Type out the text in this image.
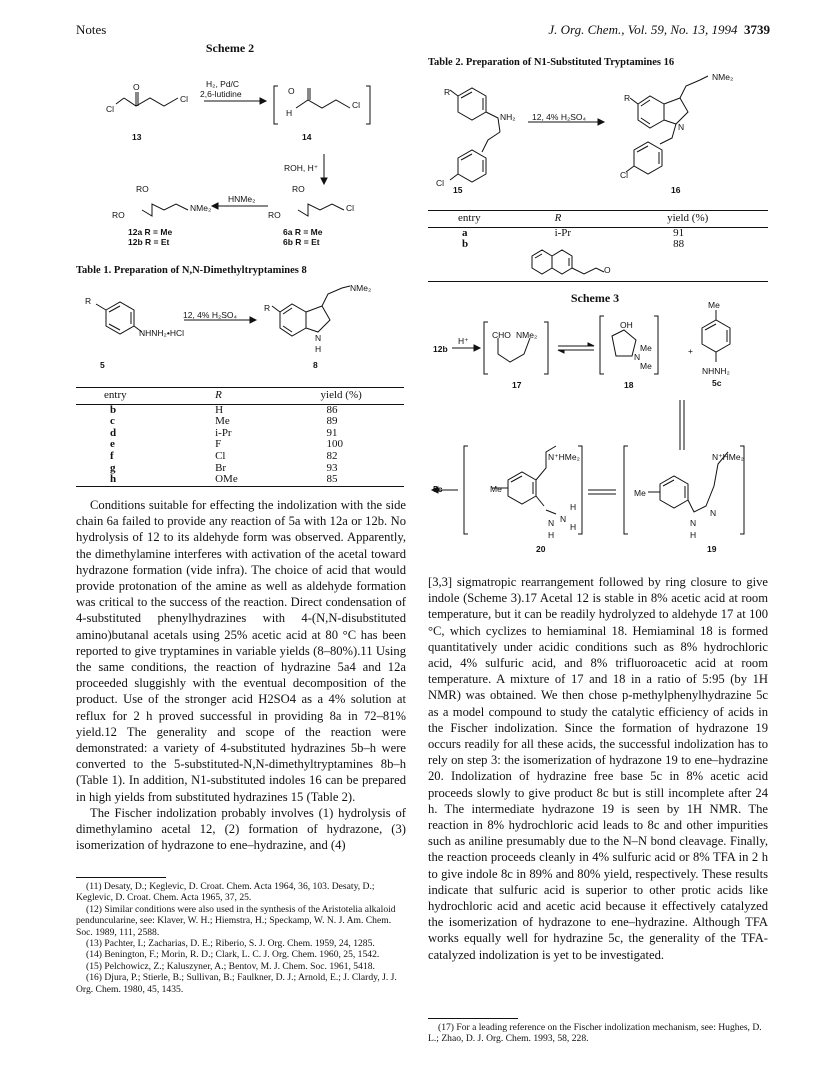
Notes	J. Org. Chem., Vol. 59, No. 13, 1994 3739
Scheme 2
H₂, Pd/C
2,6-lutidine
Cl
Cl
O	O
H
Cl
13	14
ROH, H⁺
HNMe₂
RO
RO
NMe₂
RO
RO
Cl
12a R = Me
12b R = Et
6a R = Me
6b R = Et
Table 1. Preparation of N,N-Dimethyltryptamines 8
R
NHNH₂•HCl
12, 4% H₂SO₄
R
NMe₂
N
H
5	8
entry	R	yield (%)
b	H	86
c	Me	89
d	i-Pr	91
e	F	100
f	Cl	82
g	Br	93
h	OMe	85

Conditions suitable for effecting the indolization with the side chain 6a failed to provide any reaction of 5a with 12a or 12b. No hydrolysis of 12 to its aldehyde form was observed. Apparently, the dimethylamine interferes with activation of the acetal toward hydrazone formation (vide infra). The choice of acid that would provide protonation of the amine as well as aldehyde formation was critical to the success of the reaction. Direct condensation of 4-substituted phenylhydrazines with 4-(N,N-disubstituted amino)butanal acetals using 25% acetic acid at 80 °C has been reported to give tryptamines in variable yields (8–80%).11 Using the same conditions, the reaction of hydrazine 5a4 and 12a proceeded sluggishly with the eventual decomposition of the product. Use of the stronger acid H2SO4 as a 4% solution at reflux for 2 h proved successful in providing 8a in 72–81% yield.12 The generality and scope of the reaction were demonstrated: a variety of 4-substituted hydrazines 5b–h were converted to the 5-substituted-N,N-dimethyltryptamines 8b–h (Table 1). In addition, N1-substituted indoles 16 can be prepared in high yields from substituted hydrazines 15 (Table 2).

The Fischer indolization probably involves (1) hydrolysis of dimethylamino acetal 12, (2) formation of hydrazone, (3) isomerization of hydrazone to ene–hydrazine, and (4)

(11) Desaty, D.; Keglevic, D. Croat. Chem. Acta 1964, 36, 103. Desaty, D.; Keglevic, D. Croat. Chem. Acta 1965, 37, 25.

(12) Similar conditions were also used in the synthesis of the Aristotelia alkaloid penduncularine, see: Klaver, W. H.; Hiemstra, H.; Speckamp, W. N. J. Am. Chem. Soc. 1989, 111, 2588.

(13) Pachter, I.; Zacharias, D. E.; Riberio, S. J. Org. Chem. 1959, 24, 1285.

(14) Benington, F.; Morin, R. D.; Clark, L. C. J. Org. Chem. 1960, 25, 1542.

(15) Pelchowicz, Z.; Kaluszyner, A.; Bentov, M. J. Chem. Soc. 1961, 5418.

(16) Djura, P.; Stierle, B.; Sullivan, B.; Faulkner, D. J.; Arnold, E.; J. Clardy, J. J. Org. Chem. 1980, 45, 1435.

Table 2. Preparation of N1-Substituted Tryptamines 16
R
NH₂
Cl
12, 4% H₂SO₄
R
NMe₂
N
Cl
15	16
entry	R	yield (%)
a	i-Pr	91
b		88
O
Scheme 3
12b
H⁺
CHO NMe₂
OH
Me
N
Me
+
Me
NHNH₂
17	18	5c
5c
N⁺HMe₂
Me
N N
H
H
H
N⁺HMe₂
Me
N
N
H
20	19

[3,3] sigmatropic rearrangement followed by ring closure to give indole (Scheme 3).17 Acetal 12 is stable in 8% acetic acid at room temperature, but it can be readily hydrolyzed to aldehyde 17 at 100 °C, which cyclizes to hemiaminal 18. Hemiaminal 18 is formed quantitatively under acidic conditions such as 8% hydrochloric acid, 4% sulfuric acid, and 8% trifluoroacetic acid at room temperature. A mixture of 17 and 18 in a ratio of 5:95 (by 1H NMR) was obtained. We then chose p-methylphenylhydrazine 5c as a model compound to study the catalytic efficiency of acids in the Fischer indolization. Since the formation of hydrazone 19 occurs readily for all these acids, the successful indolization has to rely on step 3: the isomerization of hydrazone 19 to ene–hydrazine 20. Indolization of hydrazine free base 5c in 8% acetic acid proceeds slowly to give product 8c but is still incomplete after 24 h. The intermediate hydrazone 19 is seen by 1H NMR. The reaction in 8% hydrochloric acid leads to 8c and other impurities such as aniline presumably due to the N–N bond cleavage. Finally, the reaction proceeds cleanly in 4% sulfuric acid or 8% TFA in 2 h to give indole 8c in 89% and 80% yield, respectively. These results indicate that sulfuric acid is superior to other protic acids like hydrochloric acid and acetic acid because it effectively catalyzed the isomerization of hydrazone to ene–hydrazine. Although TFA works equally well for hydrazine 5c, the generality of the TFA-catalyzed indolization is yet to be investigated.

(17) For a leading reference on the Fischer indolization mechanism, see: Hughes, D. L.; Zhao, D. J. Org. Chem. 1993, 58, 228.
